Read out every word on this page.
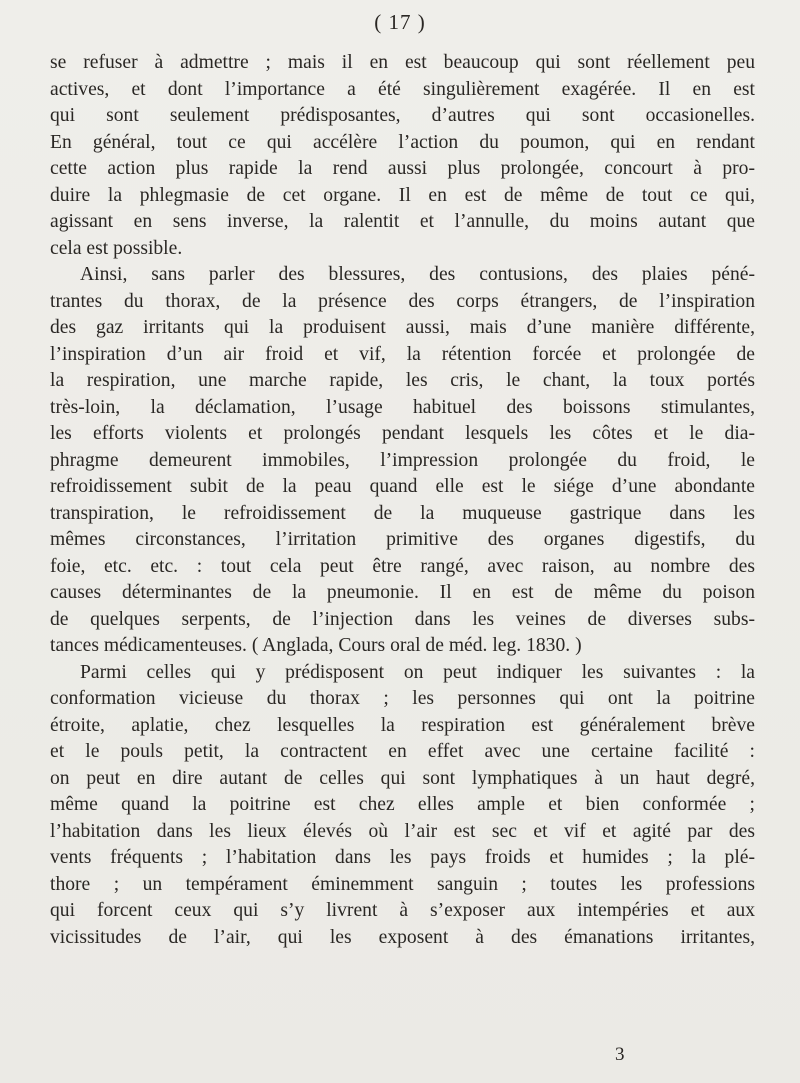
( 17 )
se refuser à admettre ; mais il en est beaucoup qui sont réellement peu
actives, et dont l’importance a été singulièrement exagérée. Il en est
qui sont seulement prédisposantes, d’autres qui sont occasionelles.
En général, tout ce qui accélère l’action du poumon, qui en rendant
cette action plus rapide la rend aussi plus prolongée, concourt à pro-
duire la phlegmasie de cet organe. Il en est de même de tout ce qui,
agissant en sens inverse, la ralentit et l’annulle, du moins autant que
cela est possible.
Ainsi, sans parler des blessures, des contusions, des plaies péné-
trantes du thorax, de la présence des corps étrangers, de l’inspiration
des gaz irritants qui la produisent aussi, mais d’une manière différente,
l’inspiration d’un air froid et vif, la rétention forcée et prolongée de
la respiration, une marche rapide, les cris, le chant, la toux portés
très-loin, la déclamation, l’usage habituel des boissons stimulantes,
les efforts violents et prolongés pendant lesquels les côtes et le dia-
phragme demeurent immobiles, l’impression prolongée du froid, le
refroidissement subit de la peau quand elle est le siége d’une abondante
transpiration, le refroidissement de la muqueuse gastrique dans les
mêmes circonstances, l’irritation primitive des organes digestifs, du
foie, etc. etc. : tout cela peut être rangé, avec raison, au nombre des
causes déterminantes de la pneumonie. Il en est de même du poison
de quelques serpents, de l’injection dans les veines de diverses subs-
tances médicamenteuses. ( Anglada, Cours oral de méd. leg. 1830. )
Parmi celles qui y prédisposent on peut indiquer les suivantes : la
conformation vicieuse du thorax ; les personnes qui ont la poitrine
étroite, aplatie, chez lesquelles la respiration est généralement brève
et le pouls petit, la contractent en effet avec une certaine facilité :
on peut en dire autant de celles qui sont lymphatiques à un haut degré,
même quand la poitrine est chez elles ample et bien conformée ;
l’habitation dans les lieux élevés où l’air est sec et vif et agité par des
vents fréquents ; l’habitation dans les pays froids et humides ; la plé-
thore ; un tempérament éminemment sanguin ; toutes les professions
qui forcent ceux qui s’y livrent à s’exposer aux intempéries et aux
vicissitudes de l’air, qui les exposent à des émanations irritantes,
3
